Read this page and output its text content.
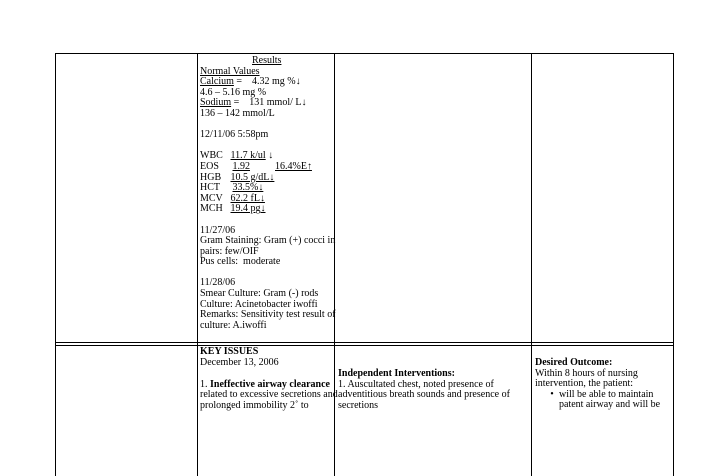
Results
Normal Values
Calcium =    4.32 mg %↓
4.6 – 5.16 mg %
Sodium =    131 mmol/ L↓
136 – 142 mmol/L
12/11/06 5:58pm
WBC 11.7 k/ul ↓
EOS 1.92	16.4%E↑
HGB 10.5 g/dL↓
HCT 33.5%↓
MCV 62.2 fL↓
MCH 19.4 pg↓
11/27/06
Gram Staining: Gram (+) cocci in
pairs: few/OIF
Pus cells:  moderate
11/28/06
Smear Culture: Gram (-) rods
Culture: Acinetobacter iwoffi
Remarks: Sensitivity test result of
culture: A.iwoffi
KEY ISSUES
December 13, 2006
1. Ineffective airway clearance
related to excessive secretions and
prolonged immobility 2˚ to
Independent Interventions:
1. Auscultated chest, noted presence of
adventitious breath sounds and presence of
secretions
Desired Outcome:
Within 8 hours of nursing
intervention, the patient:
• will be able to maintain
patent airway and will be
